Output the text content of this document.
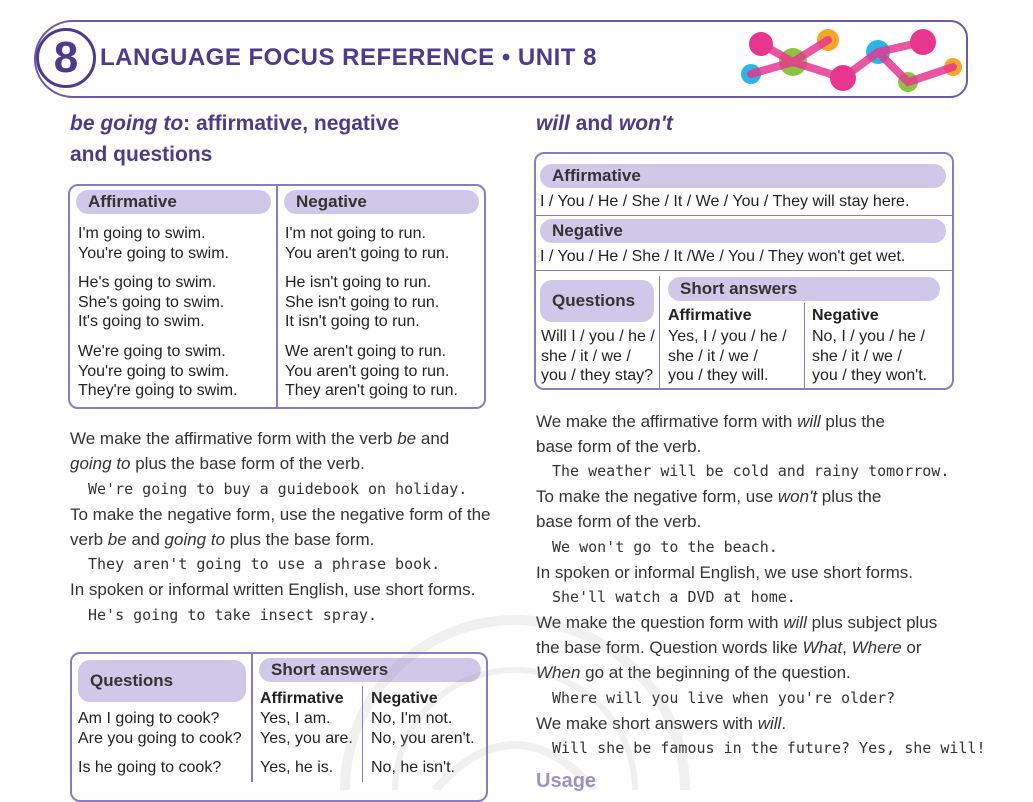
8 LANGUAGE FOCUS REFERENCE • UNIT 8
be going to: affirmative, negative
and questions
Affirmative	Negative
I'm going to swim.
You're going to swim.
He's going to swim.
She's going to swim.
It's going to swim.
We're going to swim.
You're going to swim.
They're going to swim.
I'm not going to run.
You aren't going to run.
He isn't going to run.
She isn't going to run.
It isn't going to run.
We aren't going to run.
You aren't going to run.
They aren't going to run.
We make the affirmative form with the verb be and
going to plus the base form of the verb.
We're going to buy a guidebook on holiday.
To make the negative form, use the negative form of the
verb be and going to plus the base form.
They aren't going to use a phrase book.
In spoken or informal written English, use short forms.
He's going to take insect spray.
Questions
Short answers
Affirmative Negative
Am I going to cook?
Are you going to cook?
Is he going to cook?
Yes, I am.
Yes, you are.
Yes, he is.
No, I'm not.
No, you aren't.
No, he isn't.
will and won't
Affirmative
I / You / He / She / It / We / You / They will stay here.
Negative
I / You / He / She / It /We / You / They won't get wet.
Questions
Short answers
Affirmative	Negative
Will I / you / he /
she / it / we /
you / they stay?
Yes, I / you / he /
she / it / we /
you / they will.
No, I / you / he /
she / it / we /
you / they won't.
We make the affirmative form with will plus the
base form of the verb.
The weather will be cold and rainy tomorrow.
To make the negative form, use won't plus the
base form of the verb.
We won't go to the beach.
In spoken or informal English, we use short forms.
She'll watch a DVD at home.
We make the question form with will plus subject plus
the base form. Question words like What, Where or
When go at the beginning of the question.
Where will you live when you're older?
We make short answers with will.
Will she be famous in the future? Yes, she will!
Usage
